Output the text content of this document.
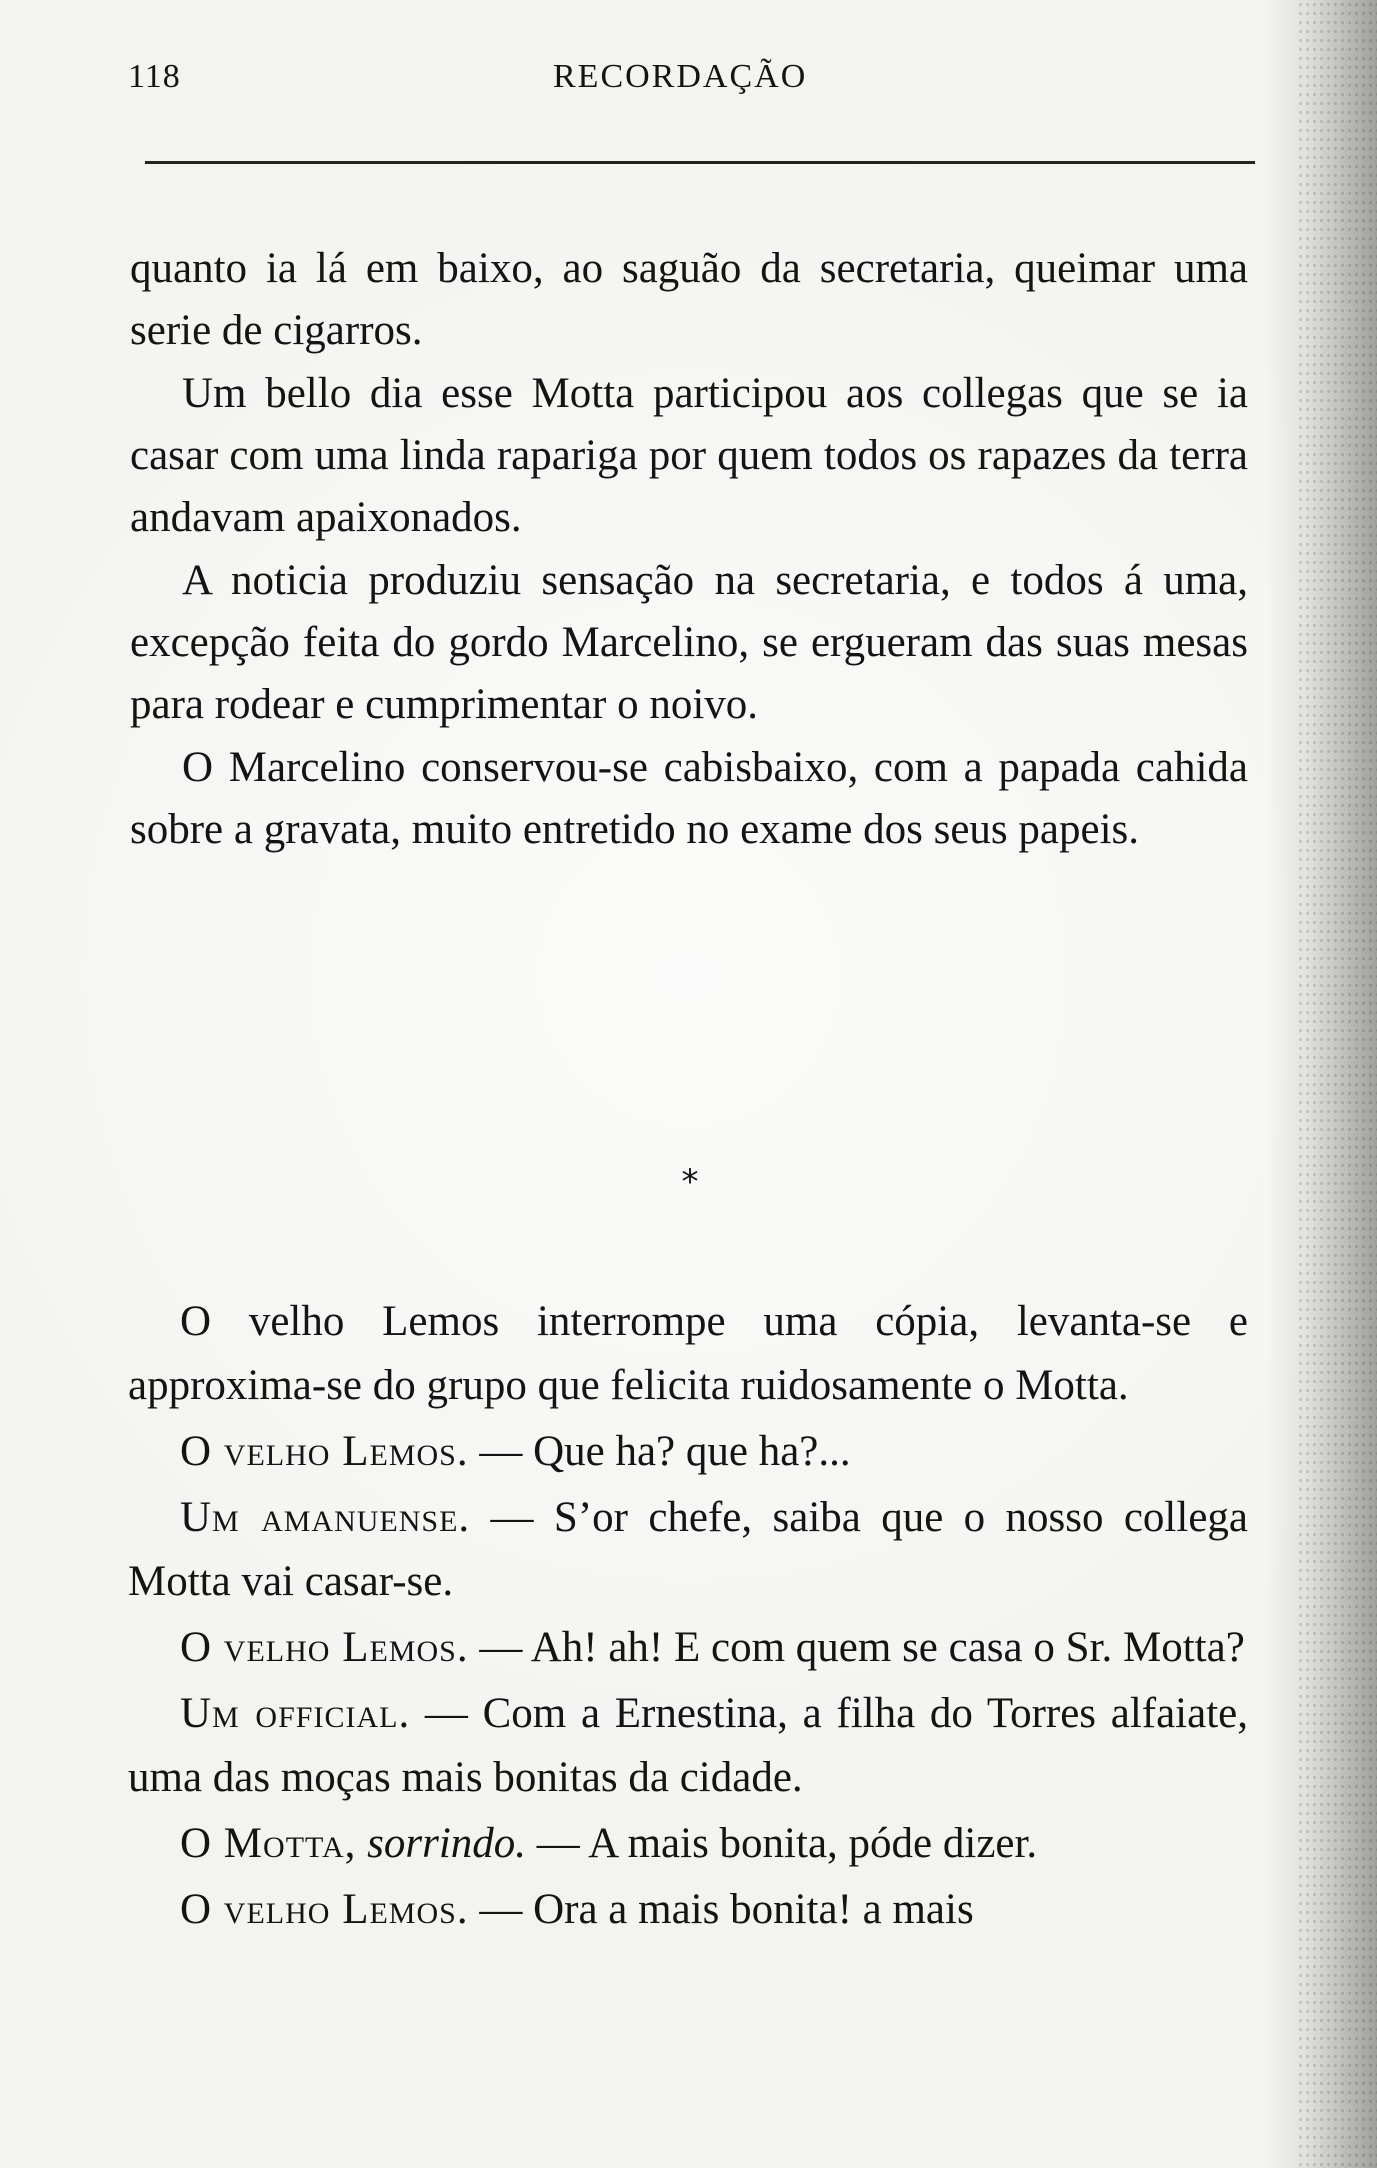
118	RECORDAÇÃO

quanto ia lá em baixo, ao saguão da secretaria, queimar uma serie de cigarros.

Um bello dia esse Motta participou aos collegas que se ia casar com uma linda rapariga por quem todos os rapazes da terra andavam apaixonados.

A noticia produziu sensação na secretaria, e todos á uma, excepção feita do gordo Marcelino, se ergueram das suas mesas para rodear e cumprimentar o noivo.

O Marcelino conservou-se cabisbaixo, com a papada cahida sobre a gravata, muito entretido no exame dos seus papeis.

*

O velho Lemos interrompe uma cópia, levanta-se e approxima-se do grupo que felicita ruidosamente o Motta.

O velho Lemos. — Que ha? que ha?...

Um amanuense. — S’or chefe, saiba que o nosso collega Motta vai casar-se.

O velho Lemos. — Ah! ah! E com quem se casa o Sr. Motta?

Um official. — Com a Ernestina, a filha do Torres alfaiate, uma das moças mais bonitas da cidade.

O Motta, sorrindo. — A mais bonita, póde dizer.

O velho Lemos. — Ora a mais bonita! a mais
